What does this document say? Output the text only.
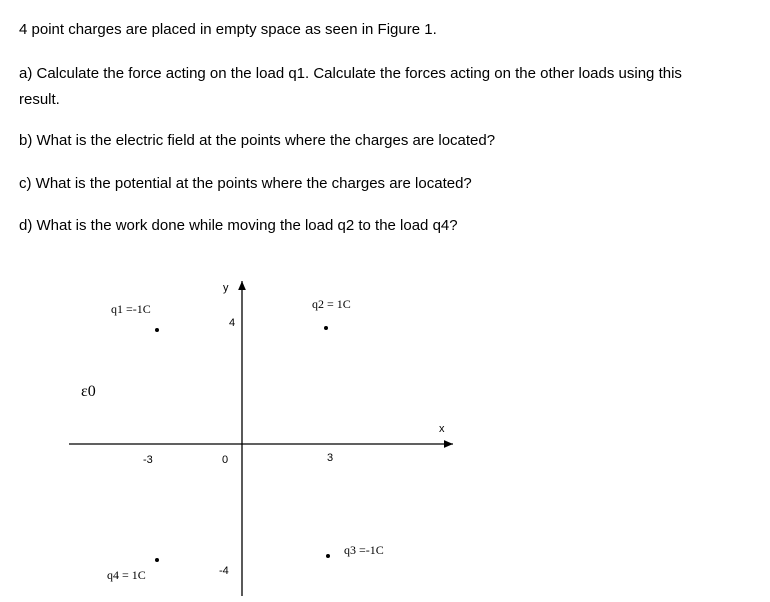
4 point charges are placed in empty space as seen in Figure 1.
a) Calculate the force acting on the load q1. Calculate the forces acting on the other loads using this
result.
b) What is the electric field at the points where the charges are located?
c) What is the potential at the points where the charges are located?
d) What is the work done while moving the load q2 to the load q4?
x
y
-3	0	3
4
-4
ε0
q1 =-1C	q2 = 1C
q3 =-1C
q4 = 1C
